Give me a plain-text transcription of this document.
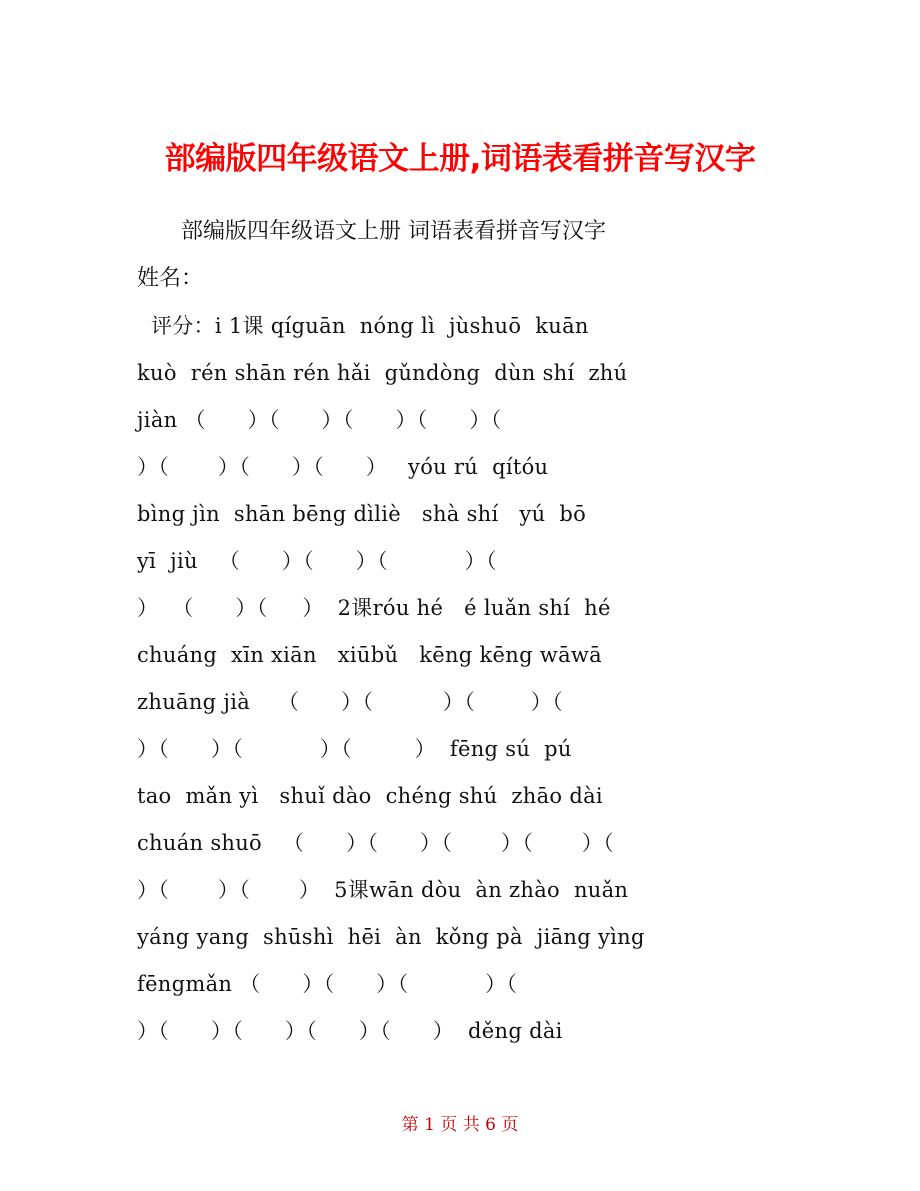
部编版四年级语文上册,词语表看拼音写汉字
部编版四年级语文上册 词语表看拼音写汉字
姓名：
评分：i 1课 qíguān  nóng lì  jùshuō  kuān
kuò  rén shān rén hǎi  gǔndòng  dùn shí  zhú
jiàn （      ）（      ）（      ）（      ）（
）（       ）（      ）（      ）   yóu rú  qítóu
bìng jìn  shān bēng dìliè   shà shí   yú  bō
yī  jiù   （      ）（      ）（           ）（
）  （      ）（     ）  2课róu hé   é luǎn shí  hé
chuáng  xīn xiān   xiūbǔ   kēng kēng wāwā
zhuāng jià    （      ）（          ）（        ）（
）（      ）（           ）（         ）  fēng sú  pú
tao  mǎn yì   shuǐ dào  chéng shú  zhāo dài
chuán shuō   （      ）（      ）（       ）（       ）（
）（       ）（       ）  5课wān dòu  àn zhào  nuǎn
yáng yang  shūshì  hēi  àn  kǒng pà  jiāng yìng
fēngmǎn （      ）（      ）（           ）（
）（      ）（      ）（      ）（      ）  děng dài
第 1 页 共 6 页
